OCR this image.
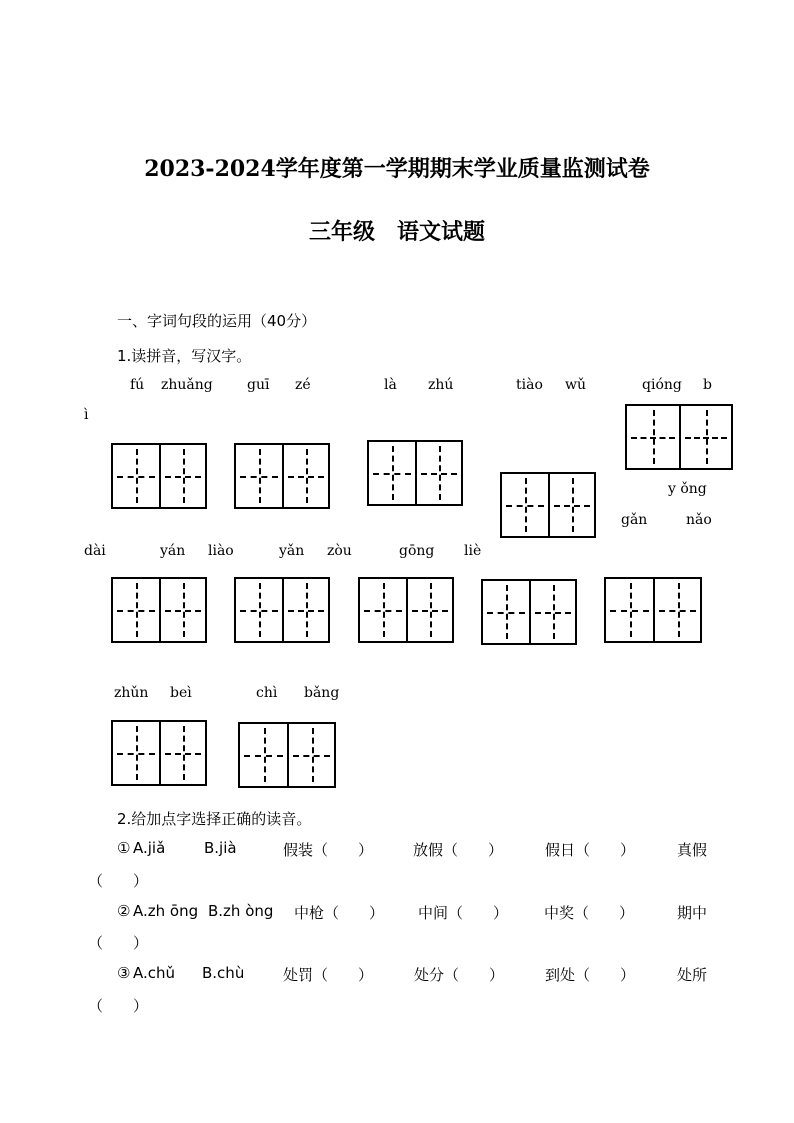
2023-2024学年度第一学期期末学业质量监测试卷
三年级　语文试题
一、字词句段的运用（40分）
1.读拼音，写汉字。
fú zhuǎng guī zé	là zhú	tiào wǔ	qióng b
ì
y ǒng
gǎn	nǎo
dài	yán liào	yǎn zòu	gōng liè
zhǔn beì	chì bǎng
2.给加点字选择正确的读音。
① A.jiǎ	B.jià	假装（　　）	放假（　　）	假日（　　）	真假
（　　）
② A.zh ōng B.zh òng 中枪（　　） 中间（　　） 中奖（　　）	期中
（　　）
③ A.chǔ B.chù	处罚（　　）	处分（　　）	到处（　　）	处所
（　　）
